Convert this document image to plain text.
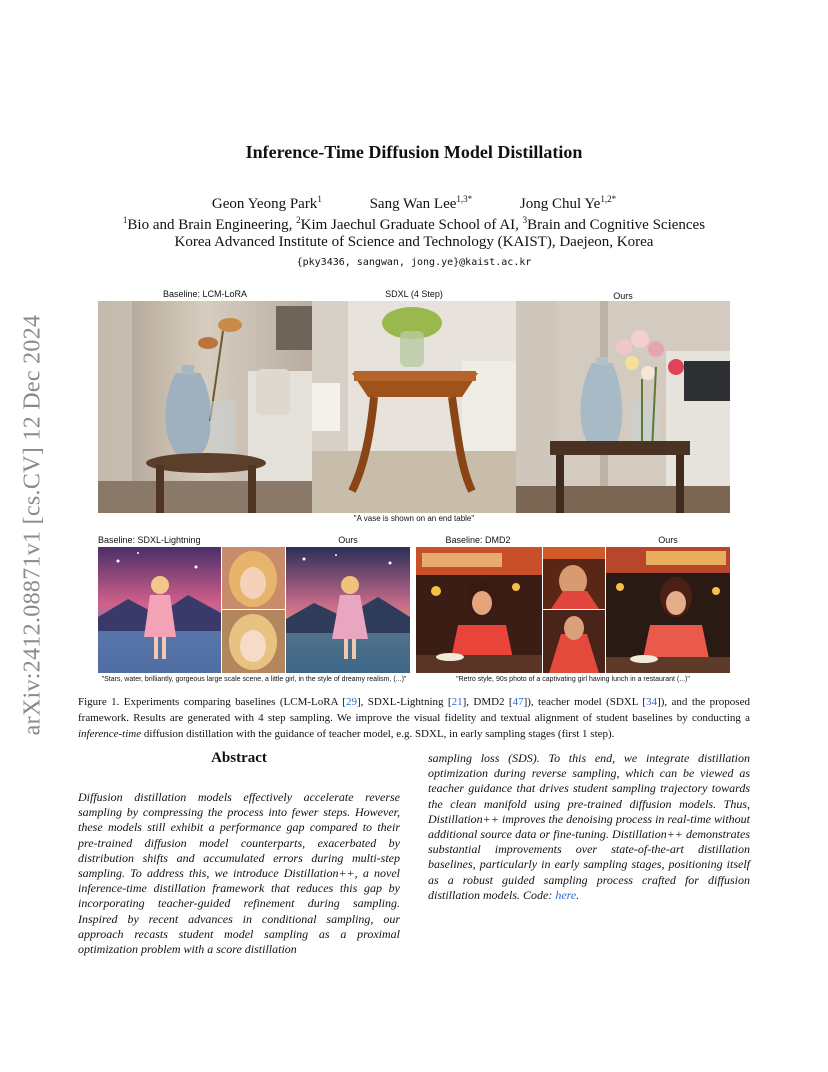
arXiv:2412.08871v1 [cs.CV] 12 Dec 2024
Inference-Time Diffusion Model Distillation
Geon Yeong Park$^1$	Sang Wan Lee$^{1,3*}$	Jong Chul $Ye^{1,2*}$
$^1$Bio and Brain Engineering, $^2$Kim Jaechul Graduate School of AI, $^3$Brain and Cognitive Sciences
Korea Advanced Institute of Science and Technology (KAIST), Daejeon, Korea
{pky3436, sangwan, jong.ye}@kaist.ac.kr
Baseline: LCM-LoRA	SDXL (4 Step)	Ours
"A vase is shown on an end table"
Baseline: SDXL-Lightning	Ours
"Stars, water, brilliantly, gorgeous large scale scene, a little girl, in the style of dreamy realism, (...)"
Baseline: DMD2	Ours
"Retro style, 90s photo of a captivating girl having lunch in a restaurant (...)"
Figure 1. Experiments comparing baselines (LCM-LoRA [29], SDXL-Lightning [21], DMD2 [47]), teacher model (SDXL [34]), and the proposed framework. Results are generated with 4 step sampling. We improve the visual fidelity and textual alignment of student baselines by conducting a inference-time diffusion distillation with the guidance of teacher model, e.g. SDXL, in early sampling stages (first 1 step).
Abstract
Diffusion distillation models effectively accelerate reverse sampling by compressing the process into fewer steps. However, these models still exhibit a performance gap compared to their pre-trained diffusion model counterparts, exacerbated by distribution shifts and accumulated errors during multi-step sampling. To address this, we introduce Distillation++, a novel inference-time distillation framework that reduces this gap by incorporating teacher-guided refinement during sampling. Inspired by recent advances in conditional sampling, our approach recasts student model sampling as a proximal optimization problem with a score distillation
sampling loss (SDS). To this end, we integrate distillation optimization during reverse sampling, which can be viewed as teacher guidance that drives student sampling trajectory towards the clean manifold using pre-trained diffusion models. Thus, Distillation++ improves the denoising process in real-time without additional source data or fine-tuning. Distillation++ demonstrates substantial improvements over state-of-the-art distillation baselines, particularly in early sampling stages, positioning itself as a robust guided sampling process crafted for diffusion distillation models. Code: here.
